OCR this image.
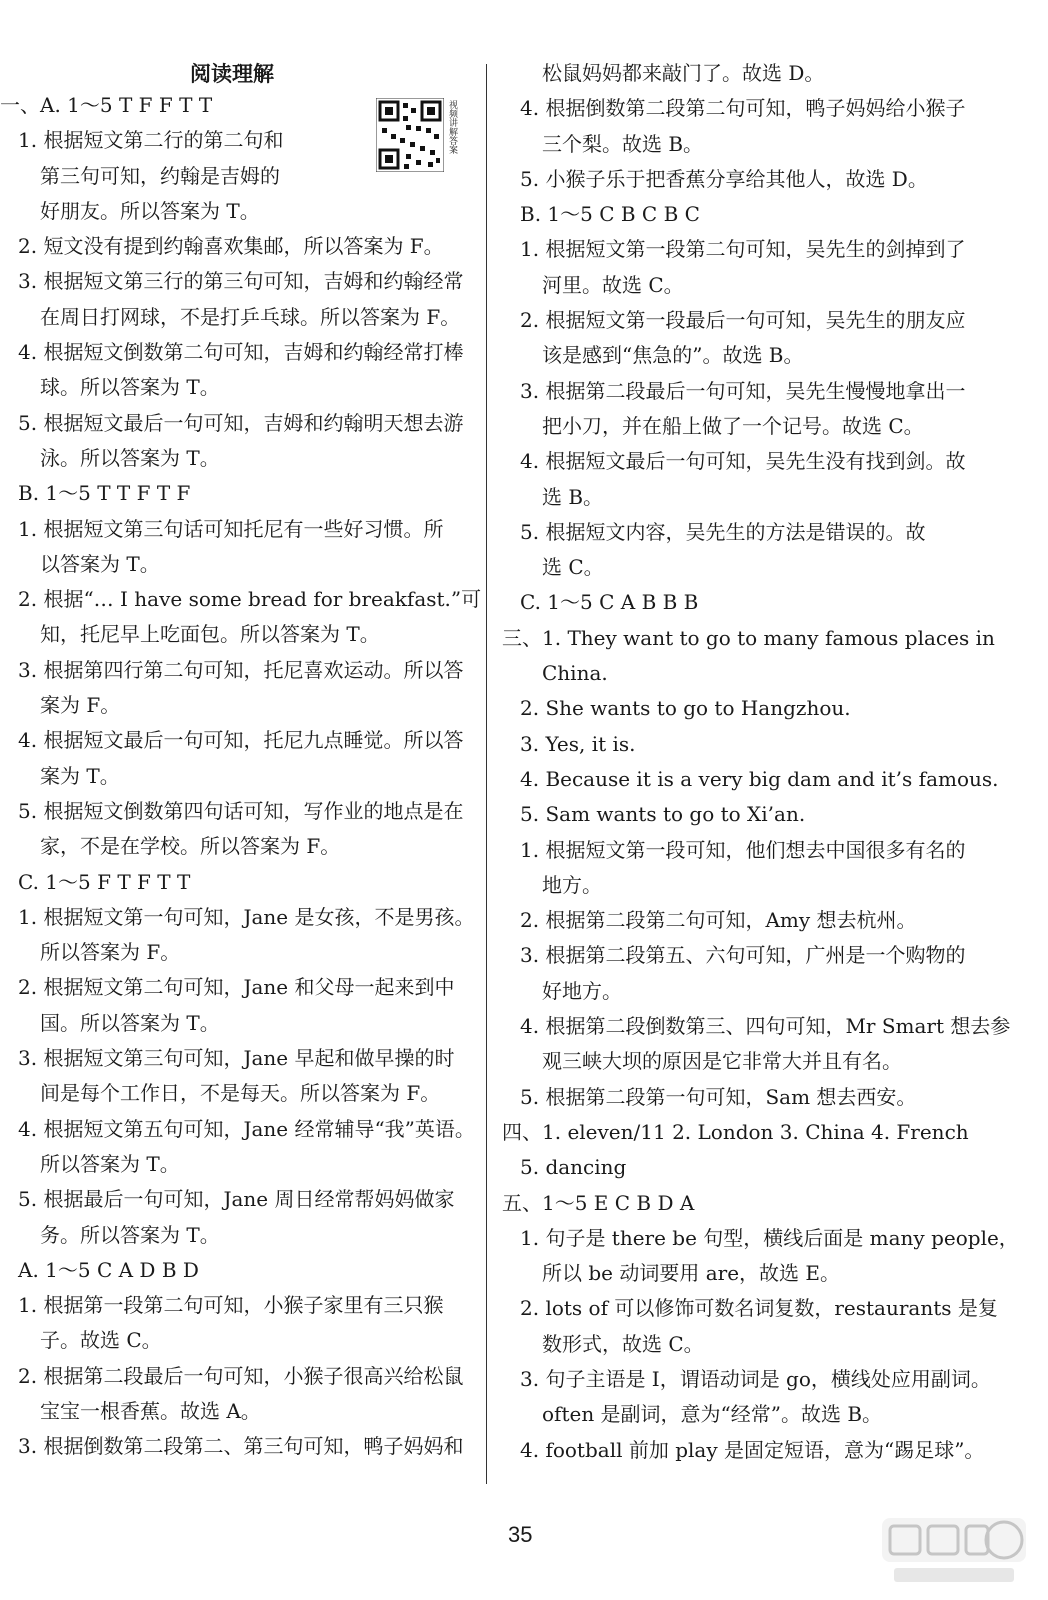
阅读理解
视频讲解答案
一、A. 1～5 T F F T T
1. 根据短文第二行的第二句和
第三句可知，约翰是吉姆的
好朋友。所以答案为 T。
2. 短文没有提到约翰喜欢集邮，所以答案为 F。
3. 根据短文第三行的第三句可知，吉姆和约翰经常
在周日打网球，不是打乒乓球。所以答案为 F。
4. 根据短文倒数第二句可知，吉姆和约翰经常打棒
球。所以答案为 T。
5. 根据短文最后一句可知，吉姆和约翰明天想去游
泳。所以答案为 T。
B. 1～5 T T F T F
1. 根据短文第三句话可知托尼有一些好习惯。所
以答案为 T。
2. 根据“… I have some bread for breakfast.”可
知，托尼早上吃面包。所以答案为 T。
3. 根据第四行第二句可知，托尼喜欢运动。所以答
案为 F。
4. 根据短文最后一句可知，托尼九点睡觉。所以答
案为 T。
5. 根据短文倒数第四句话可知，写作业的地点是在
家，不是在学校。所以答案为 F。
C. 1～5 F T F T T
1. 根据短文第一句可知，Jane 是女孩，不是男孩。
所以答案为 F。
2. 根据短文第二句可知，Jane 和父母一起来到中
国。所以答案为 T。
3. 根据短文第三句可知，Jane 早起和做早操的时
间是每个工作日，不是每天。所以答案为 F。
4. 根据短文第五句可知，Jane 经常辅导“我”英语。
所以答案为 T。
5. 根据最后一句可知，Jane 周日经常帮妈妈做家
务。所以答案为 T。
A. 1～5 C A D B D
1. 根据第一段第二句可知，小猴子家里有三只猴
子。故选 C。
2. 根据第二段最后一句可知，小猴子很高兴给松鼠
宝宝一根香蕉。故选 A。
3. 根据倒数第二段第二、第三句可知，鸭子妈妈和
松鼠妈妈都来敲门了。故选 D。
4. 根据倒数第二段第二句可知，鸭子妈妈给小猴子
三个梨。故选 B。
5. 小猴子乐于把香蕉分享给其他人，故选 D。
B. 1～5 C B C B C
1. 根据短文第一段第二句可知，吴先生的剑掉到了
河里。故选 C。
2. 根据短文第一段最后一句可知，吴先生的朋友应
该是感到“焦急的”。故选 B。
3. 根据第二段最后一句可知，吴先生慢慢地拿出一
把小刀，并在船上做了一个记号。故选 C。
4. 根据短文最后一句可知，吴先生没有找到剑。故
选 B。
5. 根据短文内容，吴先生的方法是错误的。故
选 C。
C. 1～5 C A B B B
三、1. They want to go to many famous places in
China.
2. She wants to go to Hangzhou.
3. Yes, it is.
4. Because it is a very big dam and it’s famous.
5. Sam wants to go to Xi’an.
1. 根据短文第一段可知，他们想去中国很多有名的
地方。
2. 根据第二段第二句可知，Amy 想去杭州。
3. 根据第二段第五、六句可知，广州是一个购物的
好地方。
4. 根据第二段倒数第三、四句可知，Mr Smart 想去参
观三峡大坝的原因是它非常大并且有名。
5. 根据第二段第一句可知，Sam 想去西安。
四、1. eleven/11 2. London 3. China 4. French
5. dancing
五、1～5 E C B D A
1. 句子是 there be 句型，横线后面是 many people，
所以 be 动词要用 are，故选 E。
2. lots of 可以修饰可数名词复数，restaurants 是复
数形式，故选 C。
3. 句子主语是 I，谓语动词是 go，横线处应用副词。
often 是副词，意为“经常”。故选 B。
4. football 前加 play 是固定短语，意为“踢足球”。
35
